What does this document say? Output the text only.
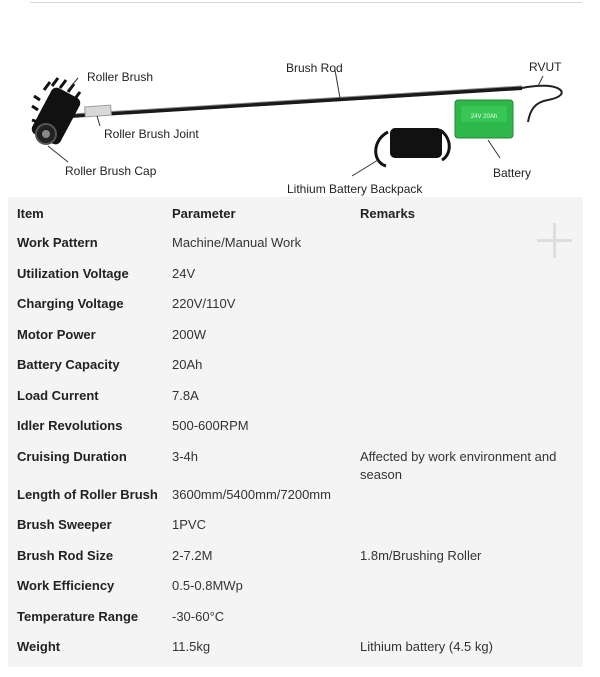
24V 20Ah
Roller Brush
Brush Rod	RVUT
Roller Brush Joint
Roller Brush Cap	Battery
Lithium Battery Backpack
Item	Parameter	Remarks
Work Pattern	Machine/Manual Work
Utilization Voltage	24V
Charging Voltage	220V/110V
Motor Power	200W
Battery Capacity	20Ah
Load Current	7.8A
Idler Revolutions	500-600RPM
Cruising Duration	3-4h	Affected by work environment and season
Length of Roller Brush 3600mm/5400mm/7200mm
Brush Sweeper	1PVC
Brush Rod Size	2-7.2M	1.8m/Brushing Roller
Work Efficiency	0.5-0.8MWp
Temperature Range	-30-60°C
Weight	11.5kg	Lithium battery (4.5 kg)
